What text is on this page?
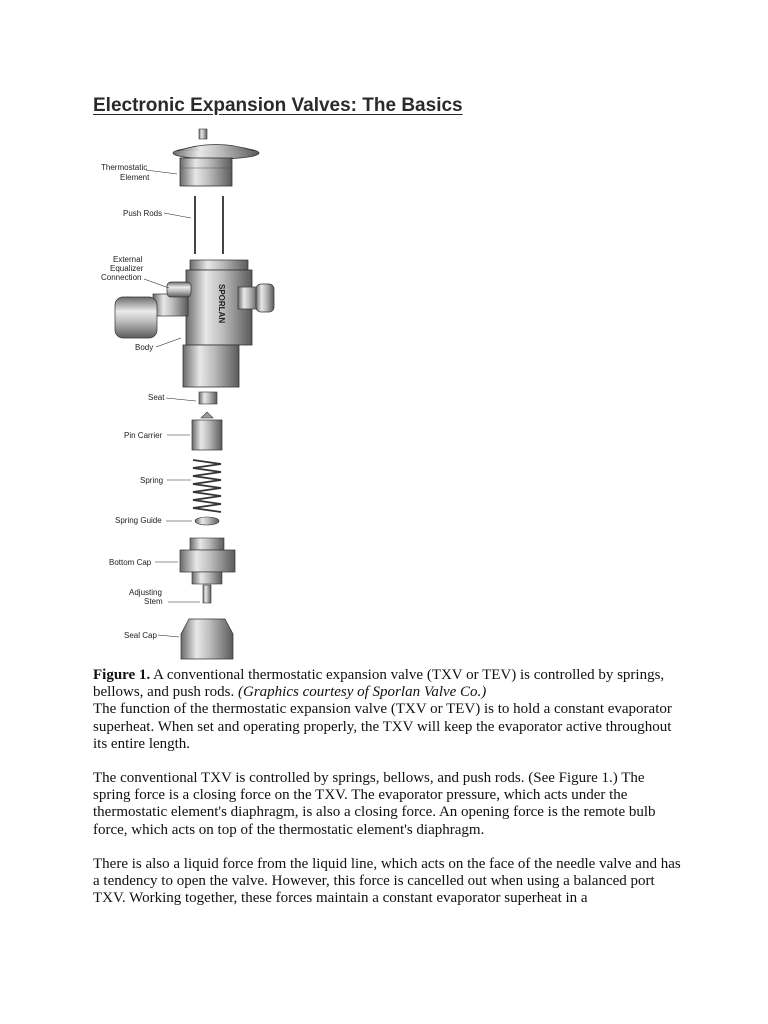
Electronic Expansion Valves: The Basics
SPORLAN
Thermostatic
Element
Push Rods
External
Equalizer
Connection
Body
Seat
Pin Carrier
Spring
Spring Guide
Bottom Cap
Adjusting
Stem
Seal Cap

Figure 1. A conventional thermostatic expansion valve (TXV or TEV) is controlled by springs, bellows, and push rods. (Graphics courtesy of Sporlan Valve Co.)

The function of the thermostatic expansion valve (TXV or TEV) is to hold a constant evaporator superheat. When set and operating properly, the TXV will keep the evaporator active throughout its entire length.

The conventional TXV is controlled by springs, bellows, and push rods. (See Figure 1.) The spring force is a closing force on the TXV. The evaporator pressure, which acts under the thermostatic element's diaphragm, is also a closing force. An opening force is the remote bulb force, which acts on top of the thermostatic element's diaphragm.

There is also a liquid force from the liquid line, which acts on the face of the needle valve and has a tendency to open the valve. However, this force is cancelled out when using a balanced port TXV. Working together, these forces maintain a constant evaporator superheat in a
